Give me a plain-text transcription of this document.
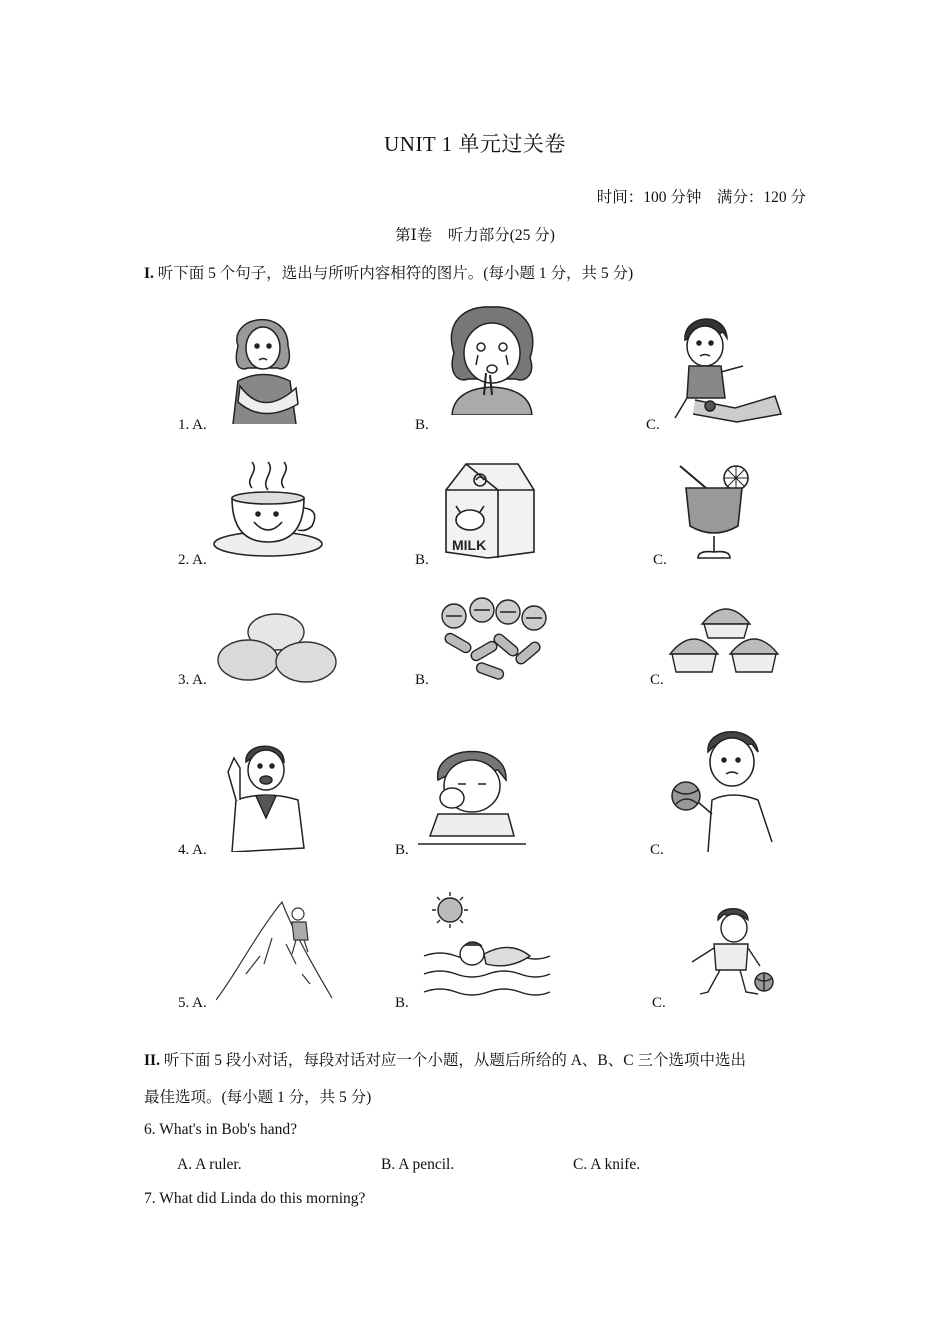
UNIT 1 单元过关卷
时间：100 分钟　满分：120 分
第Ⅰ卷　听力部分(25 分)
I. 听下面 5 个句子，选出与所听内容相符的图片。(每小题 1 分，共 5 分)
1. A.	B.	C.
2. A.	B.	C.
3. A.	B.	C.
4. A.	B.	C.
5. A.	B.	C.
MILK
II. 听下面 5 段小对话，每段对话对应一个小题，从题后所给的 A、B、C 三个选项中选出
最佳选项。(每小题 1 分，共 5 分)
6. What's in Bob's hand?
A. A ruler.	B. A pencil.	C. A knife.
7. What did Linda do this morning?
